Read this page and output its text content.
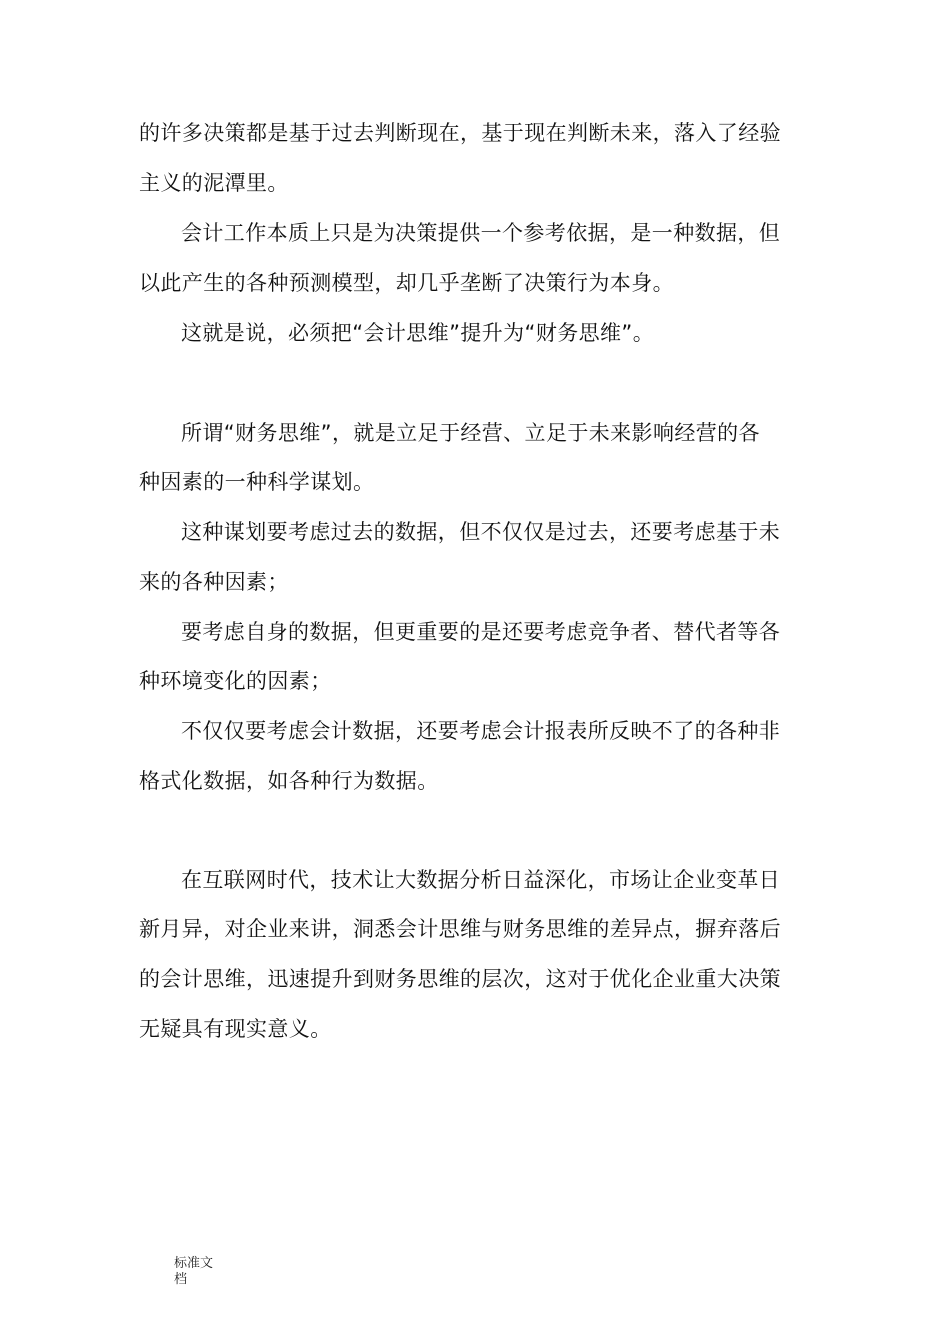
的许多决策都是基于过去判断现在，基于现在判断未来，落入了经验

主义的泥潭里。

会计工作本质上只是为决策提供一个参考依据，是一种数据，但

以此产生的各种预测模型，却几乎垄断了决策行为本身。

这就是说，必须把“会计思维”提升为“财务思维”。

所谓“财务思维”，就是立足于经营、立足于未来影响经营的各

种因素的一种科学谋划。

这种谋划要考虑过去的数据，但不仅仅是过去，还要考虑基于未

来的各种因素；

要考虑自身的数据，但更重要的是还要考虑竞争者、替代者等各

种环境变化的因素；

不仅仅要考虑会计数据，还要考虑会计报表所反映不了的各种非

格式化数据，如各种行为数据。

在互联网时代，技术让大数据分析日益深化，市场让企业变革日

新月异，对企业来讲，洞悉会计思维与财务思维的差异点，摒弃落后

的会计思维，迅速提升到财务思维的层次，这对于优化企业重大决策

无疑具有现实意义。

标准文
档
